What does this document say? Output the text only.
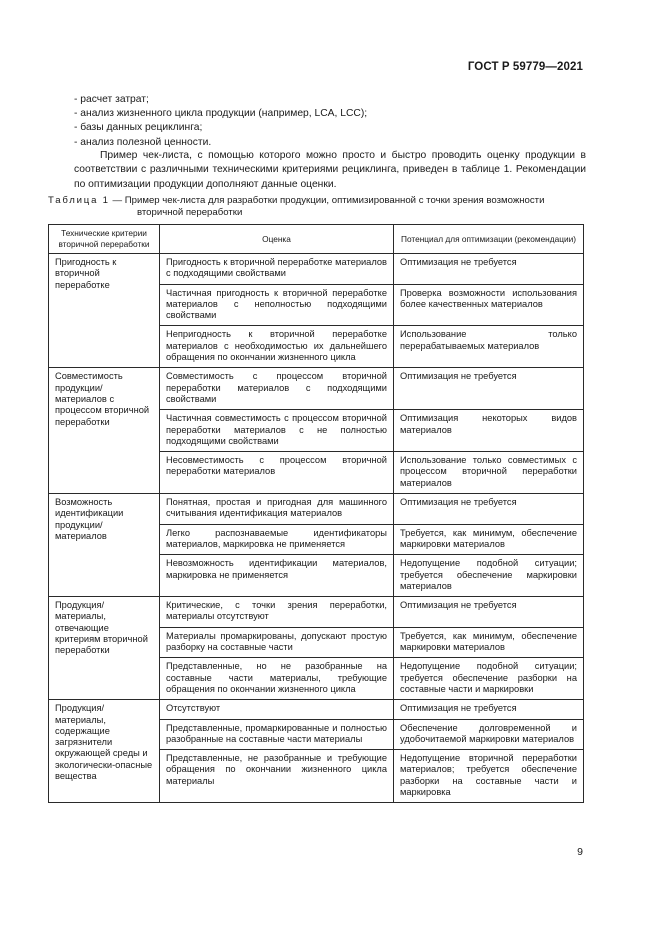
ГОСТ Р 59779—2021
- расчет затрат;
- анализ жизненного цикла продукции (например, LCA, LCC);
- базы данных рециклинга;
- анализ полезной ценности.

Пример чек-листа, с помощью которого можно просто и быстро проводить оценку продукции в соответствии с различными техническими критериями рециклинга, приведен в таблице 1. Рекомендации по оптимизации продукции дополняют данные оценки.

Таблица 1 — Пример чек-листа для разработки продукции, оптимизированной с точки зрения возможности
вторичной переработки

Технические критерии вторичной переработки	Оценка	Потенциал для оптимизации (рекомендации)
Пригодность к вторичной переработке	Пригодность к вторичной переработке материалов с подходящими свойствами	Оптимизация не требуется
	Частичная пригодность к вторичной переработке материалов с неполностью подходящими свойствами	Проверка возможности использования более качественных материалов
	Непригодность к вторичной переработке материалов с необходимостью их дальнейшего обращения по окончании жизненного цикла	Использование только перерабатываемых материалов
Совместимость продукции/ материалов с процессом вторичной переработки	Совместимость с процессом вторичной переработки материалов с подходящими свойствами	Оптимизация не требуется
	Частичная совместимость с процессом вторичной переработки материалов с не полностью подходящими свойствами	Оптимизация некоторых видов материалов
	Несовместимость с процессом вторичной переработки материалов	Использование только совместимых с процессом вторичной переработки материалов
Возможность идентификации продукции/ материалов	Понятная, простая и пригодная для машинного считывания идентификация материалов	Оптимизация не требуется
	Легко распознаваемые идентификаторы материалов, маркировка не применяется	Требуется, как минимум, обеспечение маркировки материалов
	Невозможность идентификации материалов, маркировка не применяется	Недопущение подобной ситуации; требуется обеспечение маркировки материалов
Продукция/ материалы, отвечающие критериям вторичной переработки	Критические, с точки зрения переработки, материалы отсутствуют	Оптимизация не требуется
	Материалы промаркированы, допускают простую разборку на составные части	Требуется, как минимум, обеспечение маркировки материалов
	Представленные, но не разобранные на составные части материалы, требующие обращения по окончании жизненного цикла	Недопущение подобной ситуации; требуется обеспечение разборки на составные части и маркировки
Продукция/ материалы, содержащие загрязнители окружающей среды и экологически-опасные вещества	Отсутствуют	Оптимизация не требуется
	Представленные, промаркированные и полностью разобранные на составные части материалы	Обеспечение долговременной и удобочитаемой маркировки материалов
	Представленные, не разобранные и требующие обращения по окончании жизненного цикла материалы	Недопущение вторичной переработки материалов; требуется обеспечение разборки на составные части и маркировка
9
